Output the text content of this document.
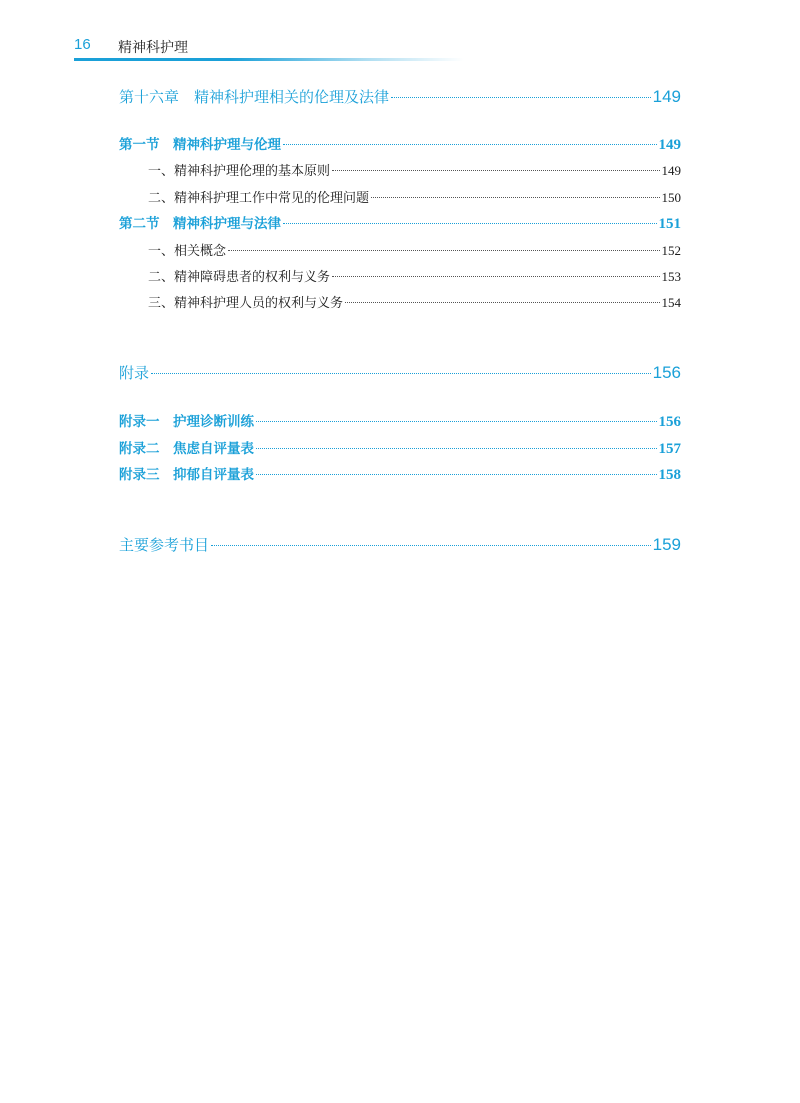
16 精神科护理
第十六章　精神科护理相关的伦理及法律	149
第一节　精神科护理与伦理	149
一、精神科护理伦理的基本原则	149
二、精神科护理工作中常见的伦理问题	150
第二节　精神科护理与法律	151
一、相关概念	152
二、精神障碍患者的权利与义务	153
三、精神科护理人员的权利与义务	154
附录	156
附录一　护理诊断训练	156
附录二　焦虑自评量表	157
附录三　抑郁自评量表	158
主要参考书目	159
